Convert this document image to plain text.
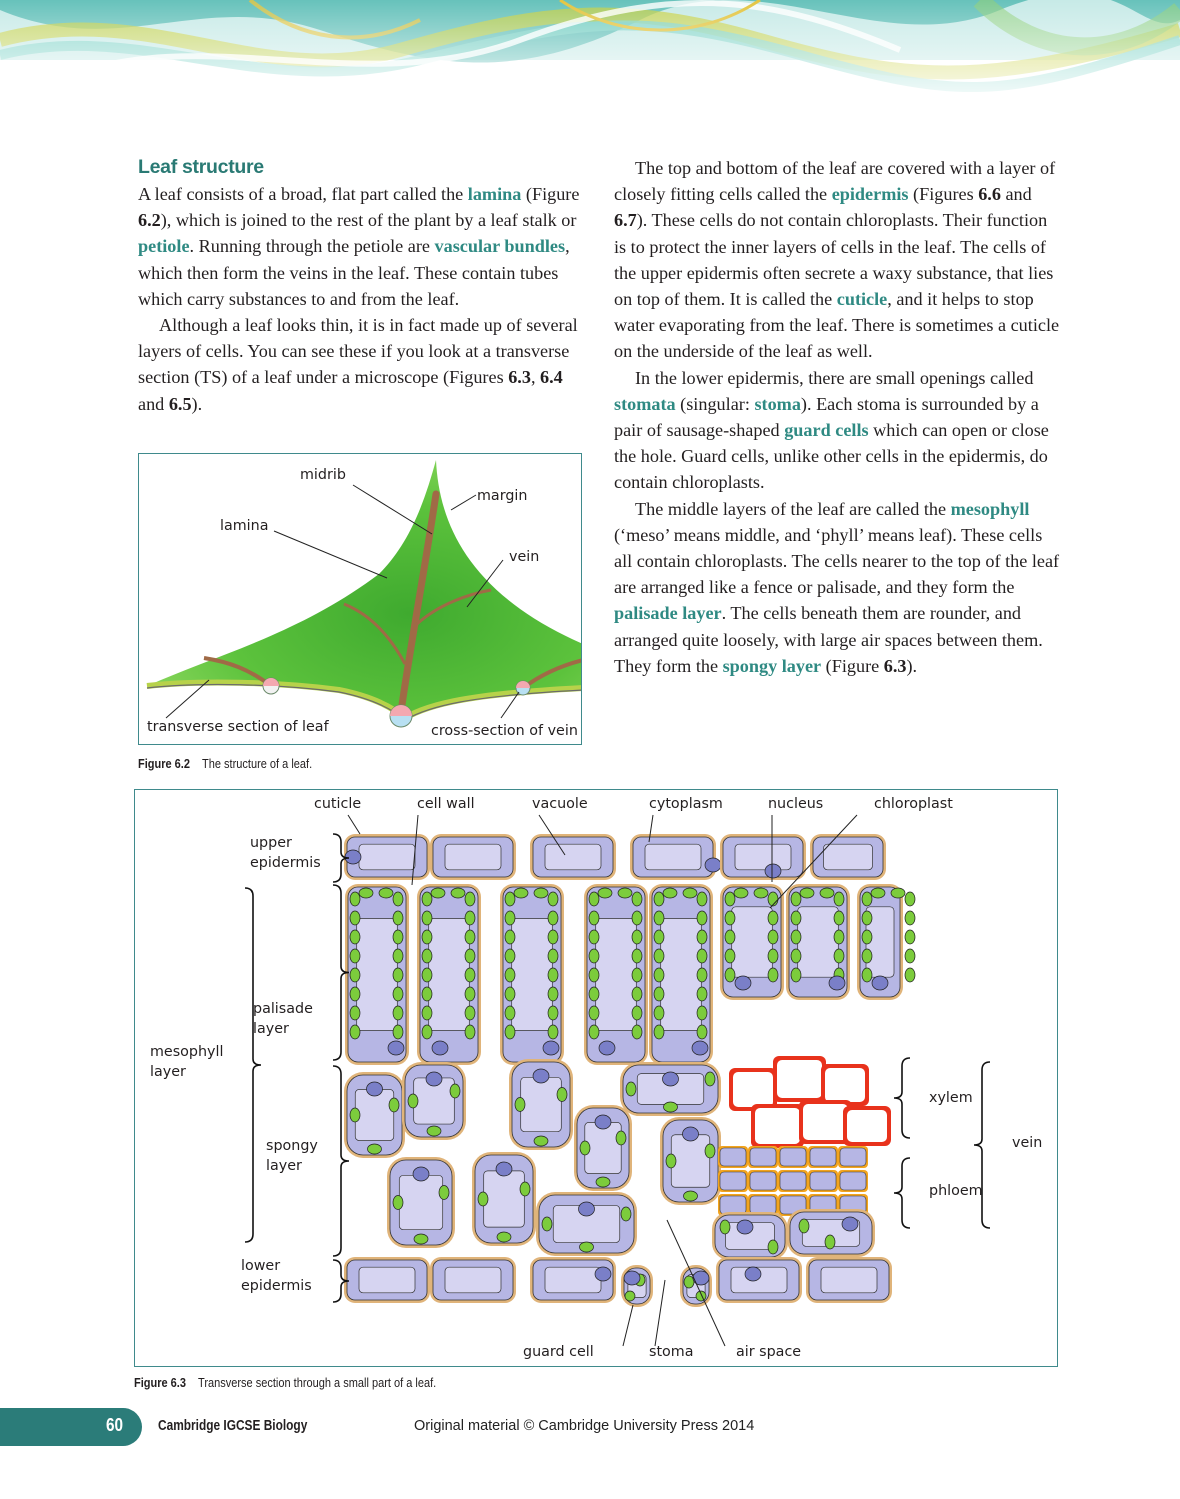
Leaf structure

A leaf consists of a broad, flat part called the lamina (Figure 6.2), which is joined to the rest of the plant by a leaf stalk or petiole. Running through the petiole are vascular bundles, which then form the veins in the leaf. These contain tubes which carry substances to and from the leaf.

Although a leaf looks thin, it is in fact made up of several layers of cells. You can see these if you look at a transverse section (TS) of a leaf under a microscope (Figures 6.3, 6.4 and 6.5).

The top and bottom of the leaf are covered with a layer of closely fitting cells called the epidermis (Figures 6.6 and 6.7). These cells do not contain chloroplasts. Their function is to protect the inner layers of cells in the leaf. The cells of the upper epidermis often secrete a waxy substance, that lies on top of them. It is called the cuticle, and it helps to stop water evaporating from the leaf. There is sometimes a cuticle on the underside of the leaf as well.

In the lower epidermis, there are small openings called stomata (singular: stoma). Each stoma is surrounded by a pair of sausage-shaped guard cells which can open or close the hole. Guard cells, unlike other cells in the epidermis, do contain chloroplasts.

The middle layers of the leaf are called the mesophyll (‘meso’ means middle, and ‘phyll’ means leaf). These cells all contain chloroplasts. The cells nearer to the top of the leaf are arranged like a fence or palisade, and they form the palisade layer. The cells beneath them are rounder, and arranged quite loosely, with large air spaces between them. They form the spongy layer (Figure 6.3).

midrib
margin
lamina
vein
transverse section of leaf	cross-section of vein
Figure 6.2 The structure of a leaf.
cuticle	cell wall	vacuole	cytoplasm	nucleus	chloroplast
upper
epidermis
palisade
layer
mesophyll
layer
spongy
layer
lower
epidermis
xylem
phloem
vein
guard cell	stoma	air space
Figure 6.3 Transverse section through a small part of a leaf.
60 Cambridge IGCSE Biology	Original material © Cambridge University Press 2014
